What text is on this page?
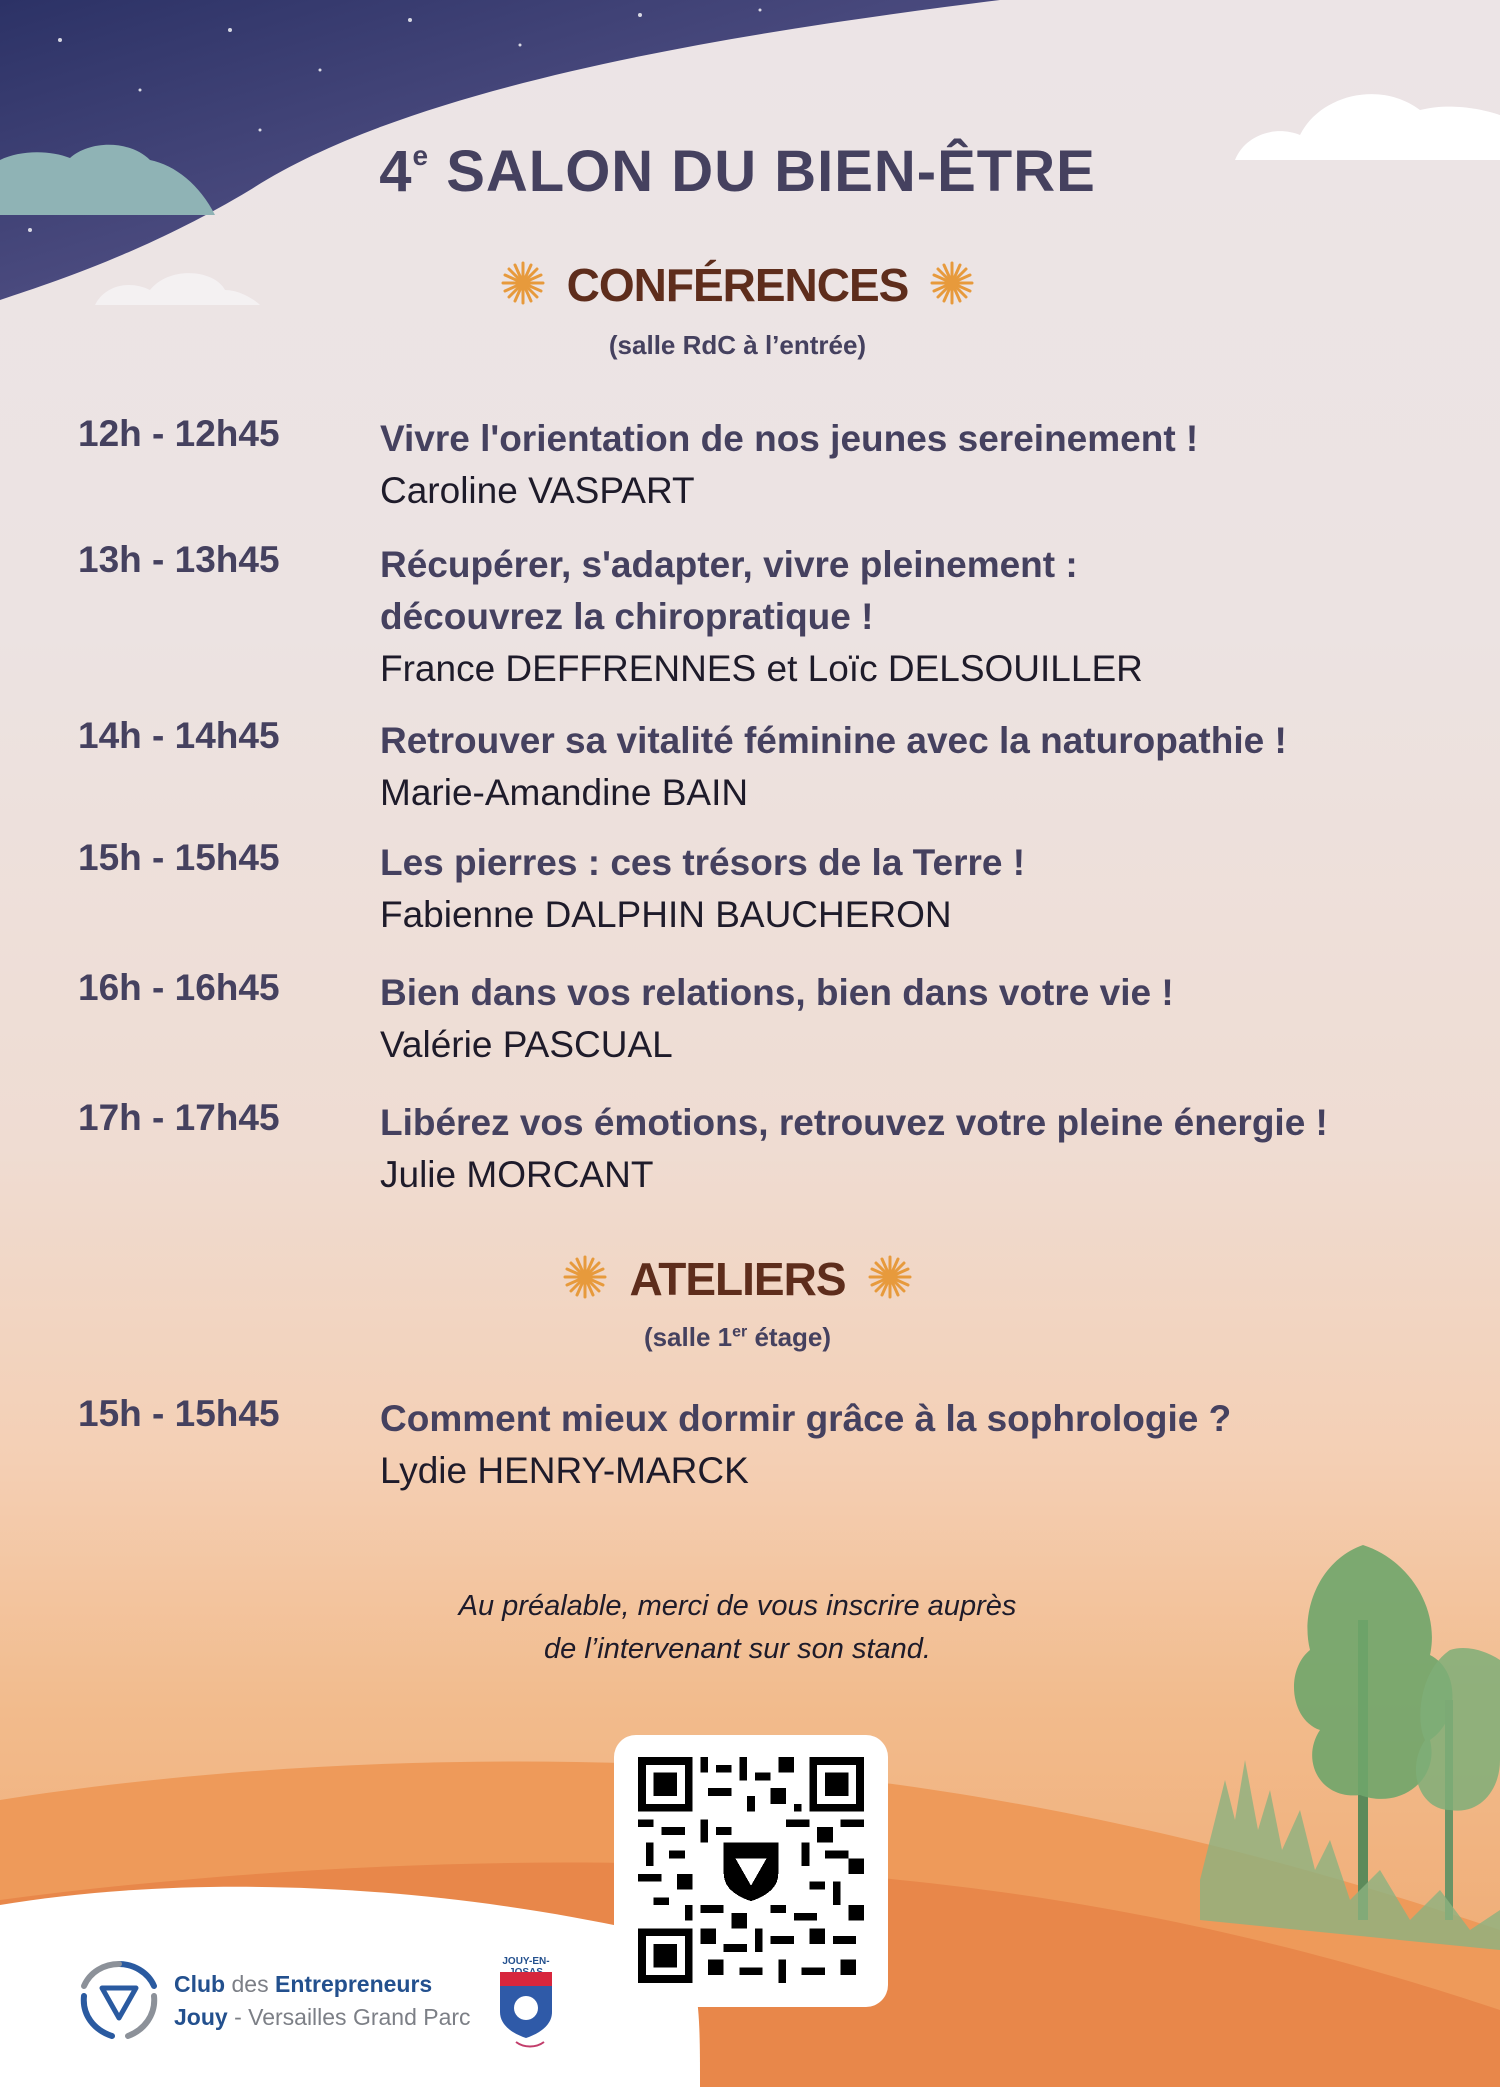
4e SALON DU BIEN-ÊTRE
CONFÉRENCES
(salle RdC à l’entrée)
12h - 12h45	Vivre l'orientation de nos jeunes sereinement !
Caroline VASPART
13h - 13h45	Récupérer, s'adapter, vivre pleinement :
découvrez la chiropratique !
France DEFFRENNES et Loïc DELSOUILLER
14h - 14h45	Retrouver sa vitalité féminine avec la naturopathie !
Marie-Amandine BAIN
15h - 15h45	Les pierres : ces trésors de la Terre !
Fabienne DALPHIN BAUCHERON
16h - 16h45	Bien dans vos relations, bien dans votre vie !
Valérie PASCUAL
17h - 17h45	Libérez vos émotions, retrouvez votre pleine énergie !
Julie MORCANT
ATELIERS
(salle 1er étage)
15h - 15h45	Comment mieux dormir grâce à la sophrologie ?
Lydie HENRY-MARCK
Au préalable, merci de vous inscrire auprès
de l’intervenant sur son stand.
Club des Entrepreneurs
Jouy - Versailles Grand Parc
JOUY-EN-
